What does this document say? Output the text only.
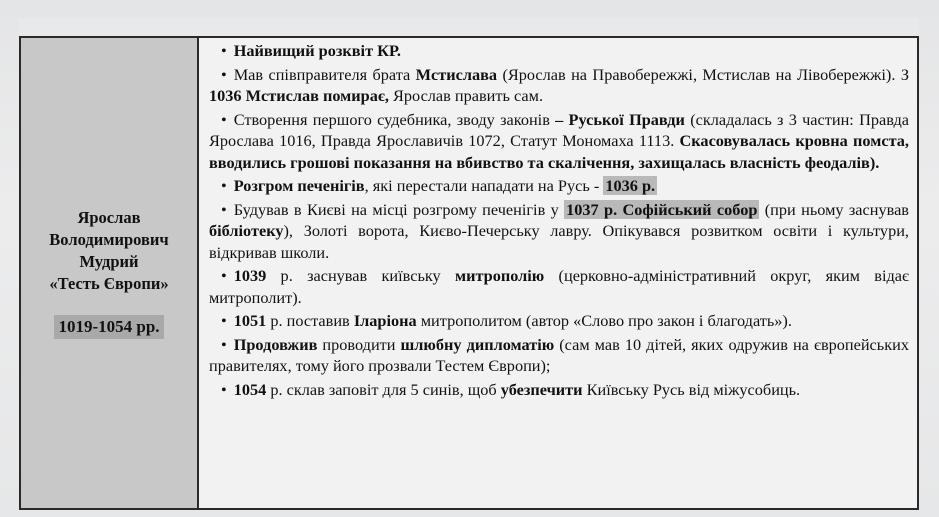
Ярослав
Володимирович
Мудрий
«Тесть Європи»
1019-1054 рр.
• Найвищий розквіт КР.
• Мав співправителя брата Мстислава (Ярослав на Правобережжі, Мстислав на Лівобережжі). З 1036 Мстислав помирає, Ярослав править сам.
• Створення першого судебника, зводу законів – Руської Правди (складалась з 3 частин: Правда Ярослава 1016, Правда Ярославичів 1072, Статут Мономаха 1113. Скасовувалась кровна помста, вводились грошові показання на вбивство та скалічення, захищалась власність феодалів).
• Розгром печенігів, які перестали нападати на Русь - 1036 р.
• Будував в Києві на місці розгрому печенігів у 1037 р. Софійський собор (при ньому заснував бібліотеку), Золоті ворота, Києво-Печерську лавру. Опікувався розвитком освіти і культури, відкривав школи.
• 1039 р. заснував київську митрополію (церковно-адміністративний округ, яким відає митрополит).
• 1051 р. поставив Іларіона митрополитом (автор «Слово про закон і благодать»).
• Продовжив проводити шлюбну дипломатію (сам мав 10 дітей, яких одружив на європейських правителях, тому його прозвали Тестем Європи);
• 1054 р. склав заповіт для 5 синів, щоб убезпечити Київську Русь від міжусобиць.
